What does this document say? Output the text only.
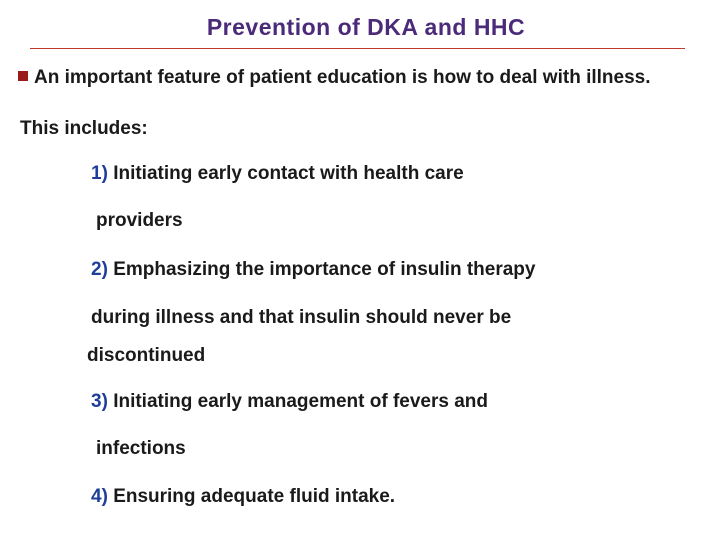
Prevention of DKA and HHC
An important feature of patient education is how to deal with illness.
This includes:
1) Initiating early contact with health care
providers
2) Emphasizing the importance of insulin therapy
during illness and that insulin should never be
discontinued
3) Initiating early management of fevers and
infections
4) Ensuring adequate fluid intake.
